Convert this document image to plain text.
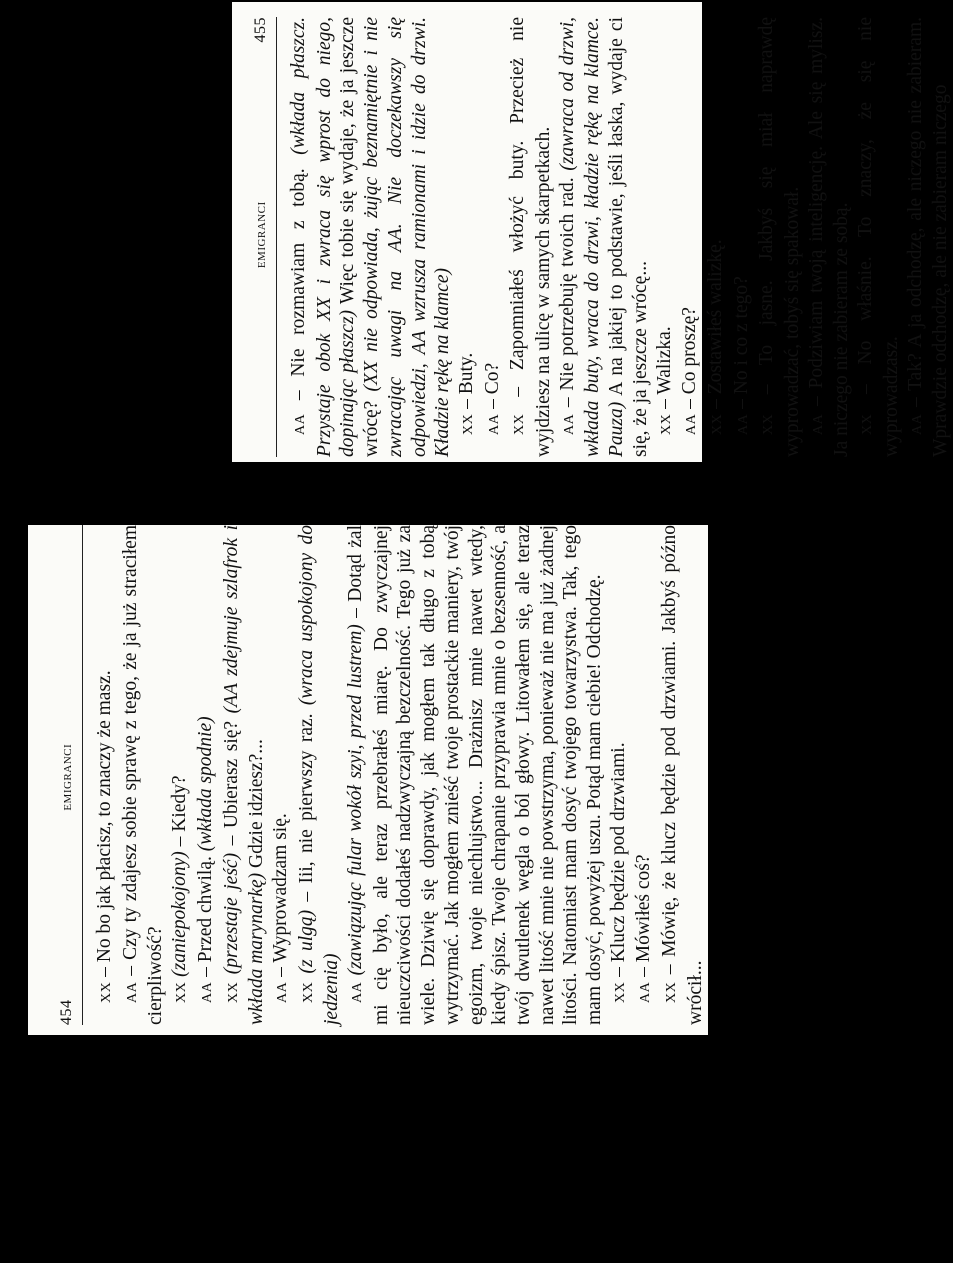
454
EMIGRANCI

XX – No bo jak płacisz, to znaczy że masz.

AA – Czy ty zdajesz sobie sprawę z tego, że ja już straciłem cierpliwość? XX (zaniepokojony) – Kiedy?

AA – Przed chwilą. (wkłada spodnie)

XX (przestaje jeść) – Ubierasz się? (AA zdejmuje szlafrok i wkłada marynarkę) Gdzie idziesz?...

AA – Wyprowadzam się.

XX (z ulgą) – Iii, nie pierwszy raz. (wraca uspokojony do jedzenia) AA (zawiązując fular wokół szyi, przed lustrem) – Dotąd żal mi cię było, ale teraz przebrałeś miarę. Do zwyczajnej nieuczciwości dodałeś nadzwyczajną bezczelność. Tego już za wiele. Dziwię się doprawdy, jak mogłem tak długo z tobą wytrzymać. Jak mogłem znieść twoje prostackie maniery, twój egoizm, twoje niechlujstwo... Drażnisz mnie nawet wtedy, kiedy śpisz. Twoje chrapanie przyprawia mnie o bezsenność, a twój dwutlenek węgla o ból głowy. Litowałem się, ale teraz nawet litość mnie nie powstrzyma, ponieważ nie ma już żadnej litości. Natomiast mam dosyć twojego towarzystwa. Tak, tego mam dosyć, powyżej uszu. Potąd mam ciebie! Odchodzę. XX – Klucz będzie pod drzwiami.

AA – Mówiłeś coś?

XX – Mówię, że klucz będzie pod drzwiami. Jakbyś późno wrócił...

EMIGRANCI
455

AA – Nie rozmawiam z tobą. (wkłada płaszcz. Przystaje obok XX i zwraca się wprost do niego, dopinając płaszcz) Więc tobie się wydaje, że ja jeszcze wrócę? (XX nie odpowiada, żując beznamiętnie i nie zwracając uwagi na AA. Nie doczekawszy się odpowiedzi, AA wzrusza ramionami i idzie do drzwi. Kładzie rękę na klamce) XX – Buty.

AA – Co?

XX – Zapomniałeś włożyć buty. Przecież nie wyjdziesz na ulicę w samych skarpetkach. AA – Nie potrzebuję twoich rad. (zawraca od drzwi, wkłada buty, wraca do drzwi, kładzie rękę na klamce. Pauza) A na jakiej to podstawie, jeśli łaska, wydaje ci się, że ja jeszcze wrócę... XX – Walizka.

AA – Co proszę?

XX – Zostawiłeś walizkę.

AA – No i co z tego?

XX – To jasne. Jakbyś się miał naprawdę wyprowadzać, tobyś się spakował. AA – Podziwiam twoją inteligencję. Ale się mylisz. Ja niczego nie zabieram ze sobą. XX – No właśnie. To znaczy, że się nie wyprowadzasz. AA – Tak? A ja odchodzę, ale niczego nie zabieram. Wprawdzie odchodzę, ale nie zabieram niczego
